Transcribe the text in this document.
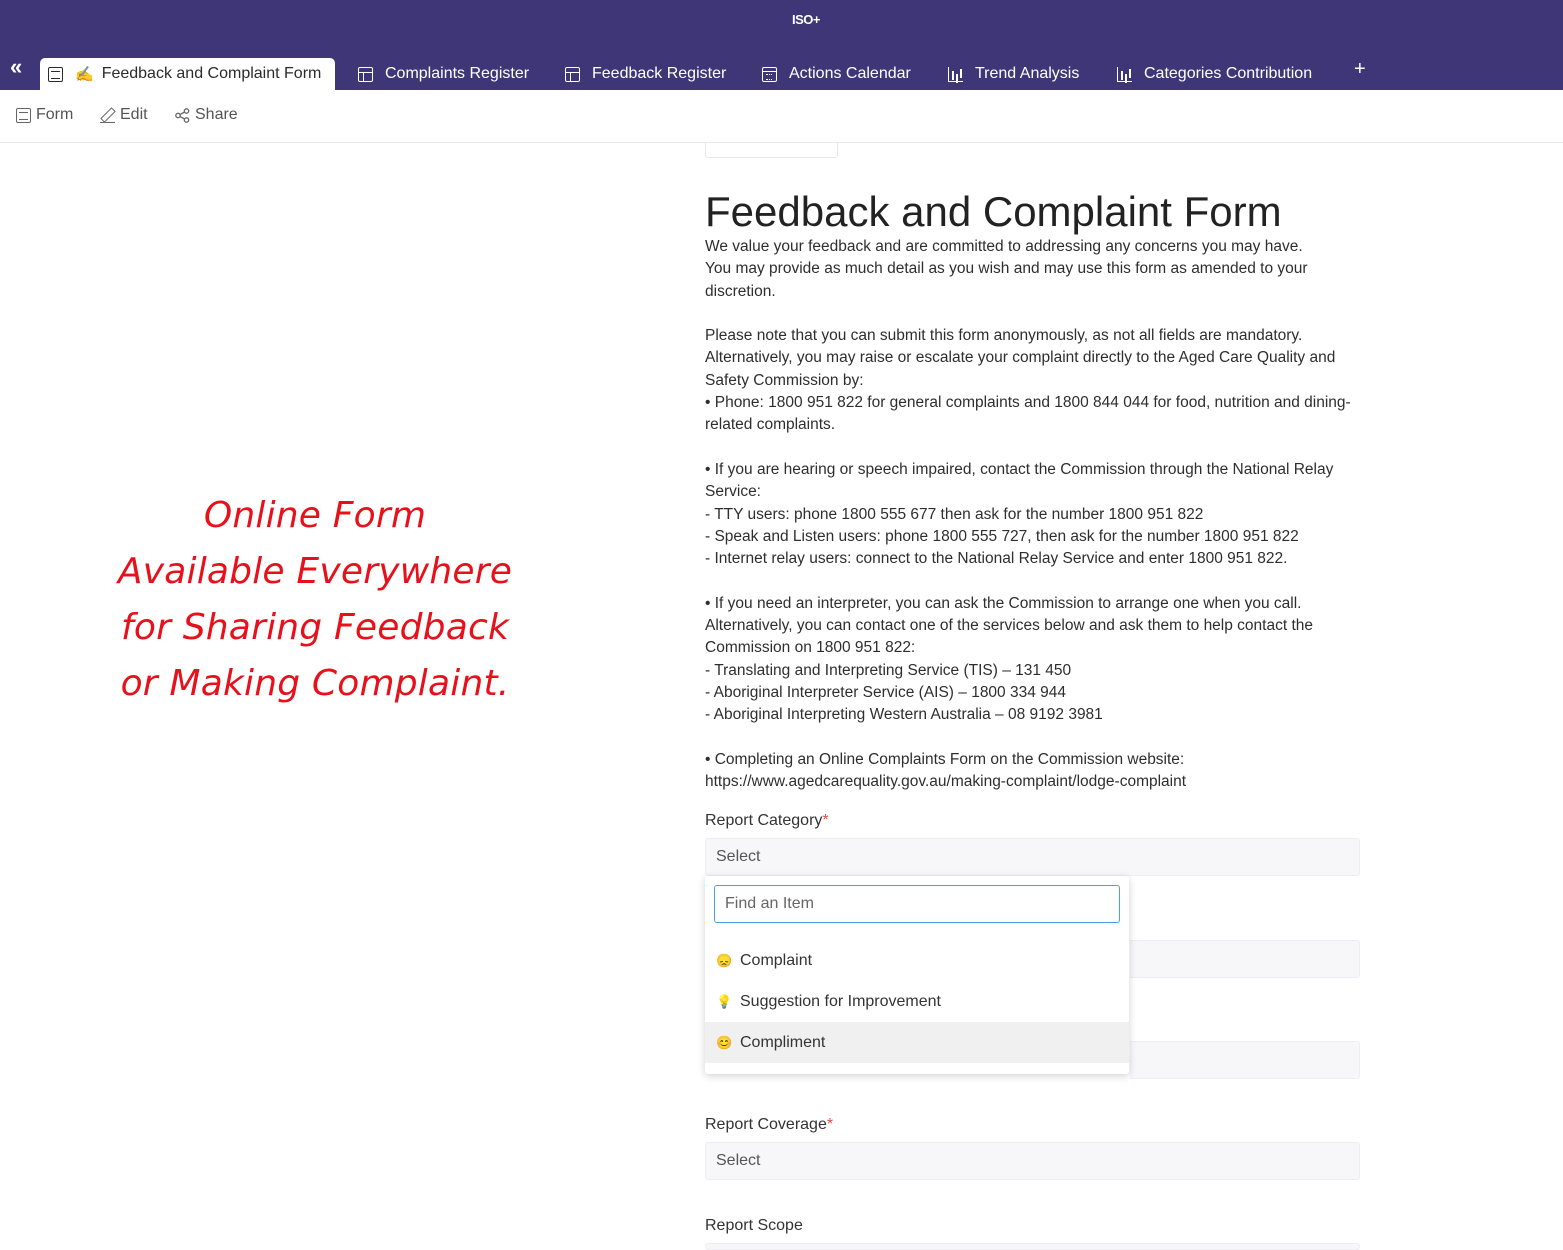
ISO+
«	✍️ Feedback and Complaint Form	Complaints Register	Feedback Register	Actions Calendar	Trend Analysis	Categories Contribution +
Form	Edit	Share
Online Form
Available Everywhere
for Sharing Feedback
or Making Complaint.
Feedback and Complaint Form

We value your feedback and are committed to addressing any concerns you may have.

You may provide as much detail as you wish and may use this form as amended to your discretion.

Please note that you can submit this form anonymously, as not all fields are mandatory.

Alternatively, you may raise or escalate your complaint directly to the Aged Care Quality and Safety Commission by:

• Phone: 1800 951 822 for general complaints and 1800 844 044 for food, nutrition and dining-related complaints.

• If you are hearing or speech impaired, contact the Commission through the National Relay Service:

- TTY users: phone 1800 555 677 then ask for the number 1800 951 822

- Speak and Listen users: phone 1800 555 727, then ask for the number 1800 951 822

- Internet relay users: connect to the National Relay Service and enter 1800 951 822.

• If you need an interpreter, you can ask the Commission to arrange one when you call.

Alternatively, you can contact one of the services below and ask them to help contact the Commission on 1800 951 822:

- Translating and Interpreting Service (TIS) – 131 450

- Aboriginal Interpreter Service (AIS) – 1800 334 944

- Aboriginal Interpreting Western Australia – 08 9192 3981

• Completing an Online Complaints Form on the Commission website:

https://www.agedcarequality.gov.au/making-complaint/lodge-complaint

Report Category*
Select
Find an Item
😞 Complaint
💡 Suggestion for Improvement
😊 Compliment
Report Coverage*
Select
Report Scope
